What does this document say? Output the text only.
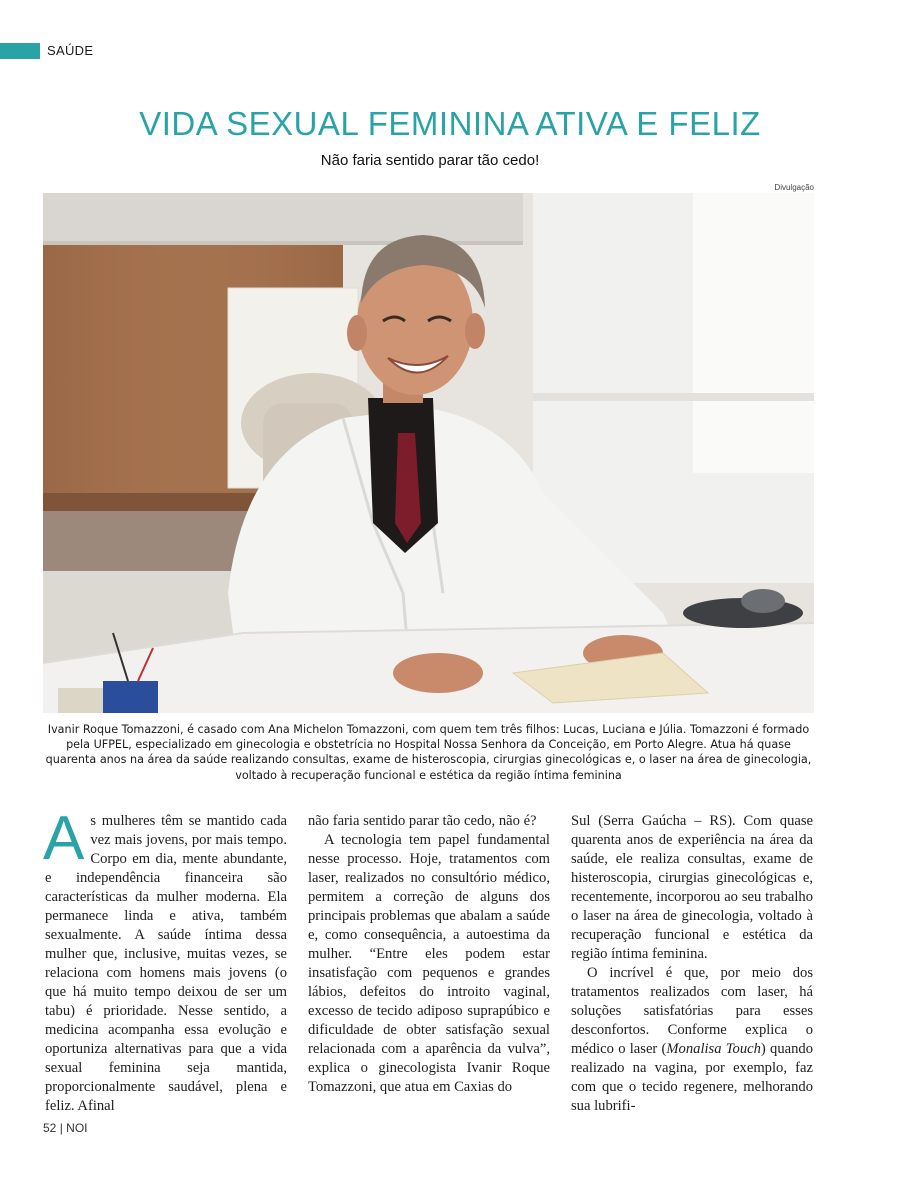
SAÚDE
VIDA SEXUAL FEMININA ATIVA E FELIZ
Não faria sentido parar tão cedo!
Divulgação
Ivanir Roque Tomazzoni, é casado com Ana Michelon Tomazzoni, com quem tem três filhos: Lucas, Luciana e Júlia. Tomazzoni é formado pela UFPEL, especializado em ginecologia e obstetrícia no Hospital Nossa Senhora da Conceição, em Porto Alegre. Atua há quase quarenta anos na área da saúde realizando consultas, exame de histeroscopia, cirurgias ginecológicas e, o laser na área de ginecologia, voltado à recuperação funcional e estética da região íntima feminina

As mulheres têm se mantido cada vez mais jovens, por mais tempo. Corpo em dia, mente abundante, e independência financeira são características da mulher moderna. Ela permanece linda e ativa, também sexualmente. A saúde íntima dessa mulher que, inclusive, muitas vezes, se relaciona com homens mais jovens (o que há muito tempo deixou de ser um tabu) é prioridade. Nesse sentido, a medicina acompanha essa evolução e oportuniza alternativas para que a vida sexual feminina seja mantida, proporcionalmente saudável, plena e feliz. Afinal

não faria sentido parar tão cedo, não é?

A tecnologia tem papel fundamental nesse processo. Hoje, tratamentos com laser, realizados no consultório médico, permitem a correção de alguns dos principais problemas que abalam a saúde e, como consequência, a autoestima da mulher. “Entre eles podem estar insatisfação com pequenos e grandes lábios, defeitos do introito vaginal, excesso de tecido adiposo suprapúbico e dificuldade de obter satisfação sexual relacionada com a aparência da vulva”, explica o ginecologista Ivanir Roque Tomazzoni, que atua em Caxias do

Sul (Serra Gaúcha – RS). Com quase quarenta anos de experiência na área da saúde, ele realiza consultas, exame de histeroscopia, cirurgias ginecológicas e, recentemente, incorporou ao seu trabalho o laser na área de ginecologia, voltado à recuperação funcional e estética da região íntima feminina.

O incrível é que, por meio dos tratamentos realizados com laser, há soluções satisfatórias para esses desconfortos. Conforme explica o médico o laser (Monalisa Touch) quando realizado na vagina, por exemplo, faz com que o tecido regenere, melhorando sua lubrifi-

52 | NOI
